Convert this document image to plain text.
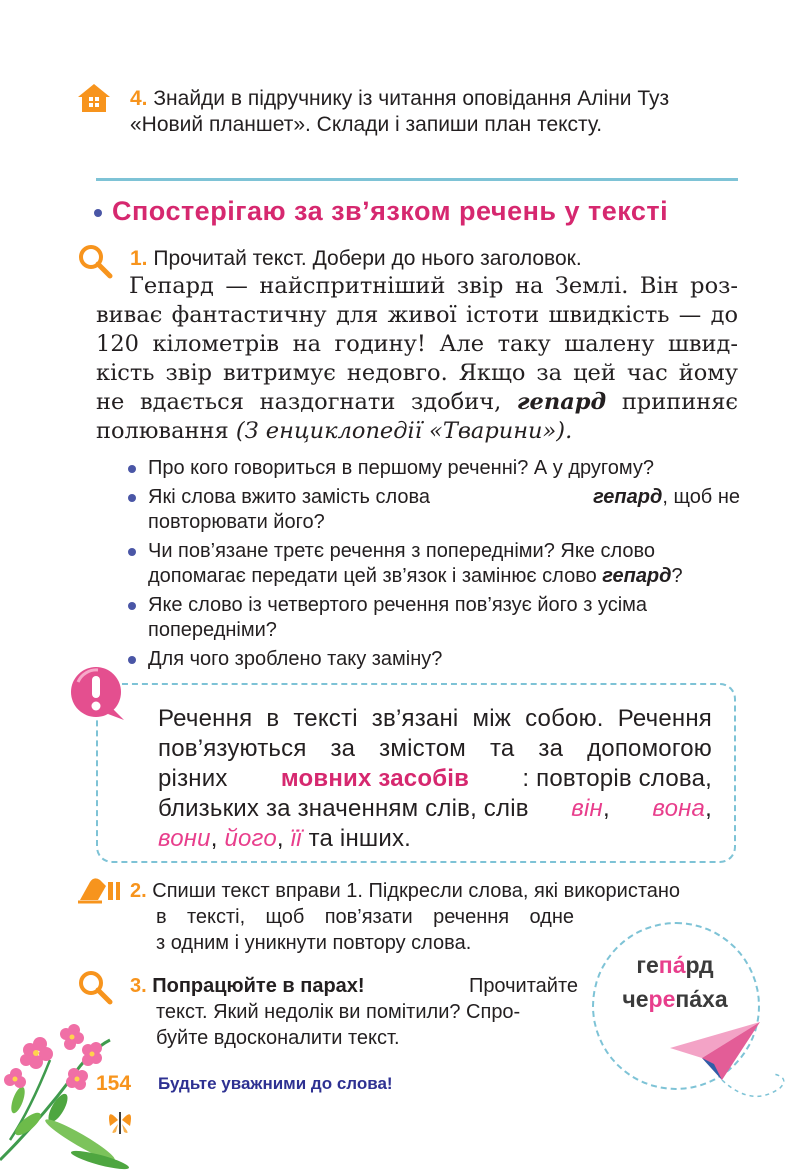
4. Знайди в підручнику із читання оповідання Аліни Туз
«Новий планшет». Склади і запиши план тексту.
Спостерігаю за звʼязком речень у тексті
1. Прочитай текст. Добери до нього заголовок.
Гепард — найспритніший звір на Землі. Він роз-
виває фантастичну для живої істоти швидкість — до
120 кілометрів на годину! Але таку шалену швид-
кість звір витримує недовго. Якщо за цей час йому
не вдається наздогнати здобич, гепард припиняє
полювання (З енциклопедії «Тварини»).
Про кого говориться в першому реченні? А у другому?
Які слова вжито замість слова	гепард, щоб не
повторювати його?
Чи пов’язане третє речення з попередніми? Яке слово
допомагає передати цей зв’язок і замінює слово гепард?
Яке слово із четвертого речення пов’язує його з усіма
попередніми?
Для чого зроблено таку заміну?
Речення в тексті зв’язані між собою. Речення
пов’язуються за змістом та за допомогою
різних мовних засобів : повторів слова,
близьких за значенням слів, слів він, вона,
вони, його, її та інших.
2. Спиши текст вправи 1. Підкресли слова, які використано
в тексті, щоб пов’язати речення одне
з одним і уникнути повтору слова.
гепа́рд
черепа́ха
3. Попрацюйте в парах!	Прочитайте
текст. Який недолік ви помітили? Спро-
буйте вдосконалити текст.
154 Будьте уважними до слова!
